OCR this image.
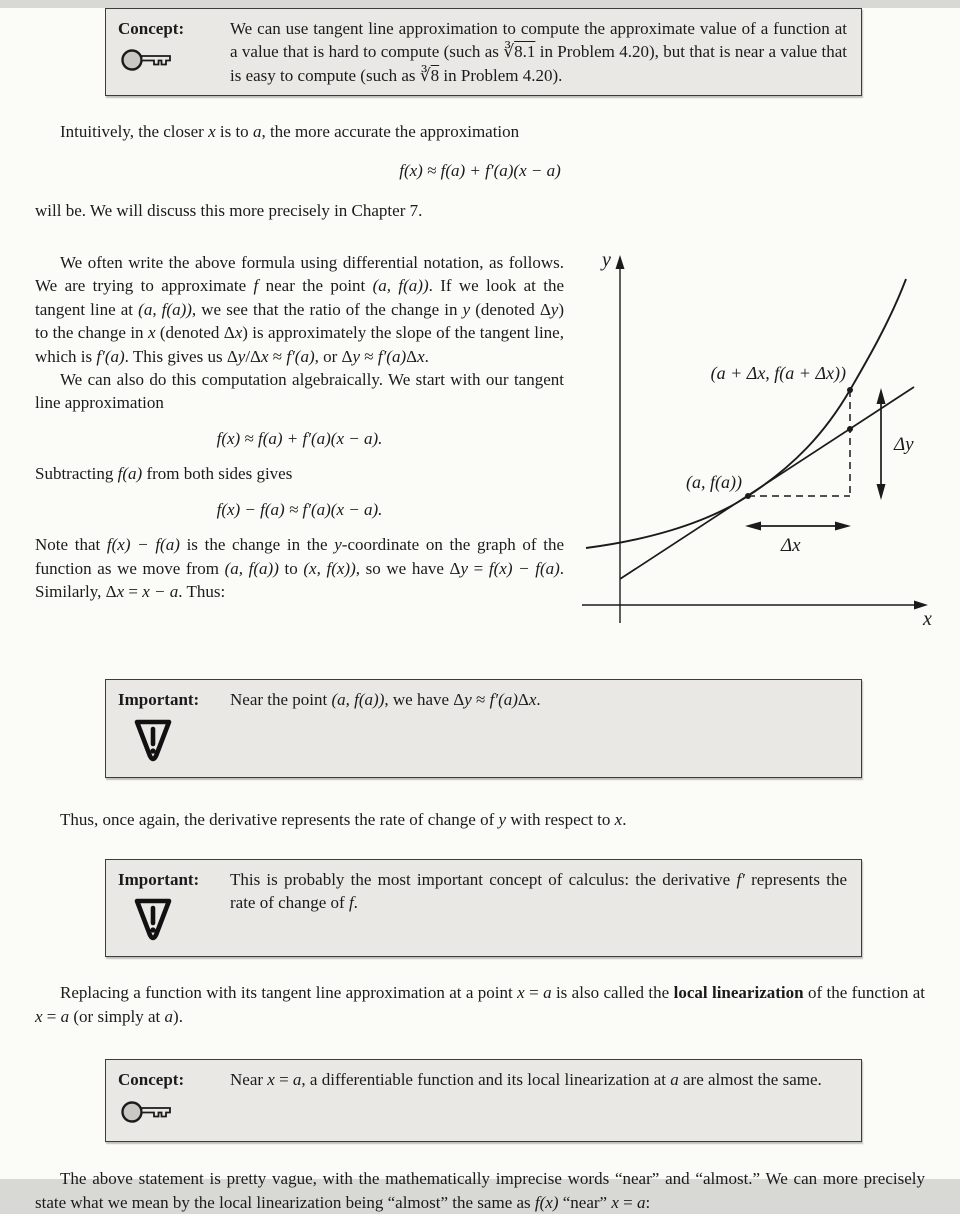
Concept:	We can use tangent line approximation to compute the approximate value of a function at a value that is hard to compute (such as ∛8.1 in Problem 4.20), but that is near a value that is easy to compute (such as ∛8 in Problem 4.20).

Intuitively, the closer x is to a, the more accurate the approximation

f(x) ≈ f(a) + f′(a)(x − a)

will be. We will discuss this more precisely in Chapter 7.

We often write the above formula using differential notation, as follows. We are trying to approximate f near the point (a, f(a)). If we look at the tangent line at (a, f(a)), we see that the ratio of the change in y (denoted Δy) to the change in x (denoted Δx) is approximately the slope of the tangent line, which is f′(a). This gives us Δy/Δx ≈ f′(a), or Δy ≈ f′(a)Δx.

We can also do this computation algebraically. We start with our tangent line approximation

f(x) ≈ f(a) + f′(a)(x − a).

Subtracting f(a) from both sides gives

f(x) − f(a) ≈ f′(a)(x − a).

Note that f(x) − f(a) is the change in the y-coordinate on the graph of the function as we move from (a, f(a)) to (x, f(x)), so we have Δy = f(x) − f(a). Similarly, Δx = x − a. Thus:

y
x
Δy
Δx
(a + Δx, f(a + Δx))
(a, f(a))
Important:	Near the point (a, f(a)), we have Δy ≈ f′(a)Δx.

Thus, once again, the derivative represents the rate of change of y with respect to x.

Important:	This is probably the most important concept of calculus: the derivative f′ represents the rate of change of f.

Replacing a function with its tangent line approximation at a point x = a is also called the local linearization of the function at x = a (or simply at a).

Concept:	Near x = a, a differentiable function and its local linearization at a are almost the same.

The above statement is pretty vague, with the mathematically imprecise words “near” and “almost.” We can more precisely state what we mean by the local linearization being “almost” the same as f(x) “near” x = a:
